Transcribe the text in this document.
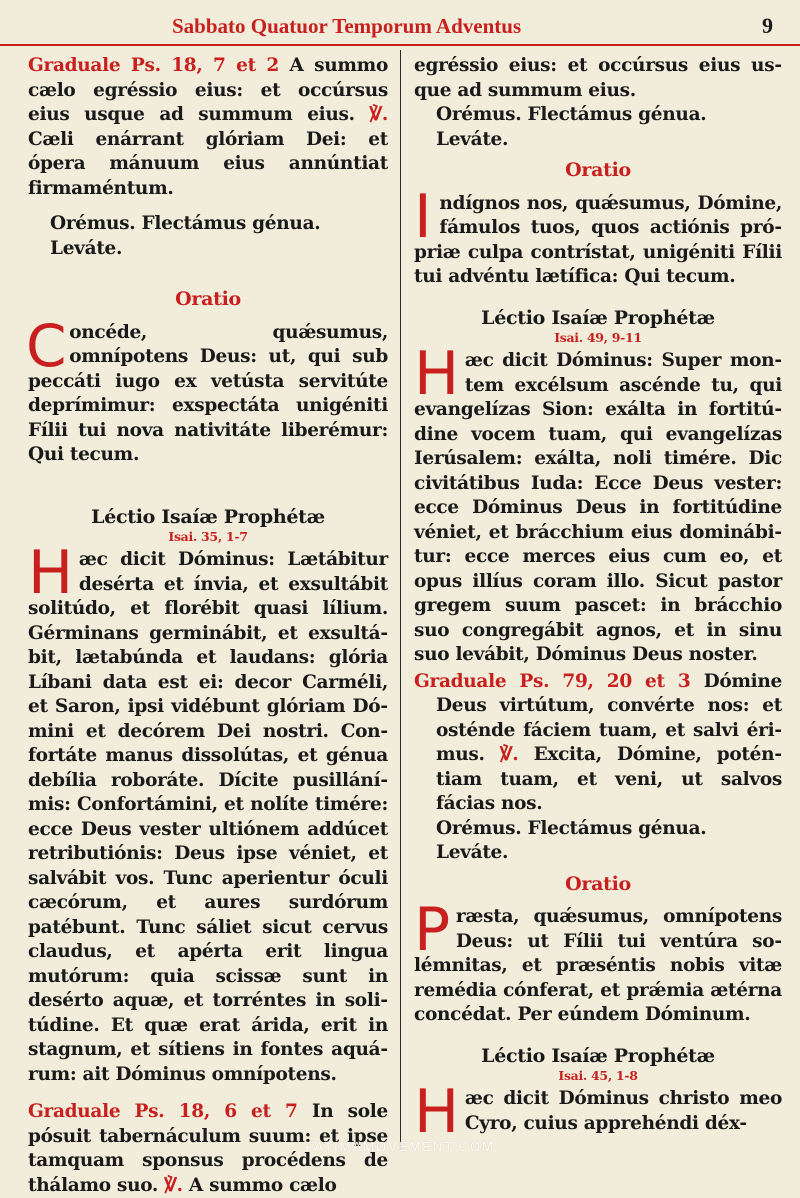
Sabbato Quatuor Temporum Adventus	9

Graduale Ps. 18, 7 et 2 A summo cælo egréssio eius: et occúrsus eius usque ad summum eius. ℣. Cæli enárrant glóriam Dei: et ópera mánuum eius annúntiat firmaméntum.

Orémus. Flectámus génua.

Leváte.

Oratio

Concéde, quǽsumus, omnípotens Deus: ut, qui sub peccáti iugo ex vetústa servitúte deprímimur: exspectáta unigéniti Fílii tui nova nativitáte liberémur: Qui tecum.

Léctio Isaíæ Prophétæ
Isai. 35, 1-7

Hæc dicit Dóminus: Lætábitur desérta et ínvia, et exsultábit solitúdo, et florébit quasi lílium. Gérminans germinábit, et exsultábit, lætabúnda et laudans: glória Líbani data est ei: decor Carméli, et Saron, ipsi vidébunt glóriam Dómini et decórem Dei nostri. Confortáte manus dissolútas, et génua debília roboráte. Dícite pusillánímis: Confortámini, et nolíte timére: ecce Deus vester ultiónem addúcet retributiónis: Deus ipse véniet, et salvábit vos. Tunc aperientur óculi cæcórum, et aures surdórum patébunt. Tunc sáliet sicut cervus claudus, et apérta erit lingua mutórum: quia scissæ sunt in desérto aquæ, et torréntes in solitúdine. Et quæ erat árida, erit in stagnum, et sítiens in fontes aquárum: ait Dóminus omnípotens.

Graduale Ps. 18, 6 et 7 In sole pósuit tabernáculum suum: et ipse tamquam sponsus procédens de thálamo suo. ℣. A summo cælo

egréssio eius: et occúrsus eius usque ad summum eius.

Orémus. Flectámus génua.

Leváte.

Oratio

Indígnos nos, quǽsumus, Dómine, fámulos tuos, quos actiónis própriæ culpa contrístat, unigéniti Fílii tui advéntu lætífica: Qui tecum.

Léctio Isaíæ Prophétæ
Isai. 49, 9-11

Hæc dicit Dóminus: Super montem excélsum ascénde tu, qui evangelízas Sion: exálta in fortitúdine vocem tuam, qui evangelízas Ierúsalem: exálta, noli timére. Dic civitátibus Iuda: Ecce Deus vester: ecce Dóminus Deus in fortitúdine véniet, et brácchium eius dominábitur: ecce merces eius cum eo, et opus illíus coram illo. Sicut pastor gregem suum pascet: in brácchio suo congregábit agnos, et in sinu suo levábit, Dóminus Deus noster.

Graduale Ps. 79, 20 et 3 Dómine Deus virtútum, convérte nos: et osténde fáciem tuam, et salvi érimus. ℣. Excita, Dómine, poténtiam tuam, et veni, ut salvos fácias nos.

Orémus. Flectámus génua.

Leváte.

Oratio

Præsta, quǽsumus, omnípotens Deus: ut Fílii tui ventúra solémnitas, et præséntis nobis vitæ remédia cónferat, et prǽmia ætérna concédat. Per eúndem Dóminum.

Léctio Isaíæ Prophétæ
Isai. 45, 1-8

Hæc dicit Dóminus christo meo Cyro, cuius apprehéndi déx-

FATIMAMOVEMENT.COM
